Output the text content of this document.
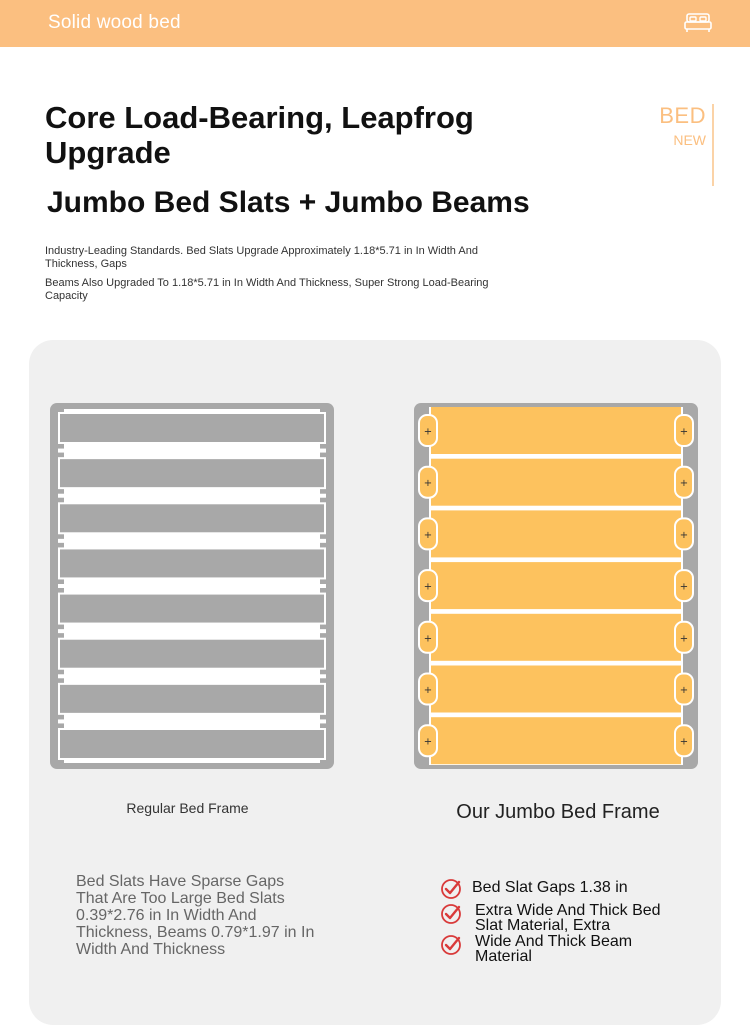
Solid wood bed
BED
NEW
Core Load-Bearing, Leapfrog Upgrade
Jumbo Bed Slats + Jumbo Beams

Industry-Leading Standards. Bed Slats Upgrade Approximately 1.18*5.71 in In Width And Thickness, Gaps

Beams Also Upgraded To 1.18*5.71 in In Width And Thickness, Super Strong Load-Bearing Capacity

+	+
+	+
+	+
+	+
+	+
+	+
+	+
Regular Bed Frame	Our Jumbo Bed Frame

Bed Slats Have Sparse Gaps That Are Too Large Bed Slats 0.39*2.76 in In Width And Thickness, Beams 0.79*1.97 in In Width And Thickness

Bed Slat Gaps 1.38 in
Extra Wide And Thick Bed Slat Material, Extra
Wide And Thick Beam Material
